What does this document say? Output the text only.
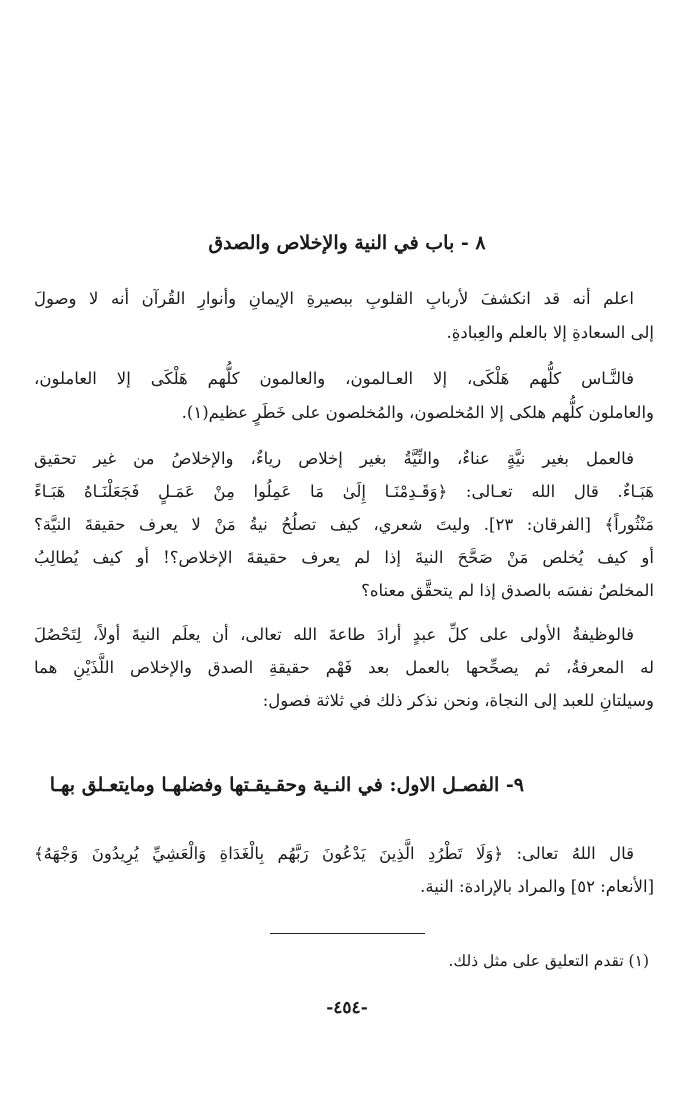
٨ - باب في النية والإخلاص والصدق
اعلم أنه قد انكشفَ لأربابِ القلوبِ ببصيرةِ الإيمانِ وأنوارِ القُرآن أنه لا وصولَ
إلى السعادةِ إلا بالعلم والعِبادةِ.
فالنَّـاس كلُّهم هَلْكَى، إلا العـالمون، والعالمون كلُّهم هَلْكَى إلا العاملون،
والعاملون كلُّهم هلكى إلا المُخلصون، والمُخلصون على خَطَرٍ عظيم(١).
فالعمل بغير نيَّةٍ عناءٌ، والنِّيَّةُ بغير إخلاص رياءٌ، والإخلاصُ من غير تحقيق
هَبَـاءٌ. قال الله تعـالى: ﴿وَقَـدِمْنَـا إِلَىٰ مَا عَمِلُوا مِنْ عَمَـلٍ فَجَعَلْنَـاهُ هَبَـاءً
مَنْثُوراً﴾ [الفرقان: ٢٣]. وليتَ شعري، كيف تصلُحُ نيةُ مَنْ لا يعرف حقيقةَ النيَّة؟
أو كيف يُخلص مَنْ صَحَّحَ النيةَ إذا لم يعرف حقيقةَ الإخلاص؟! أو كيف يُطالِبُ
المخلصُ نفسَه بالصدق إذا لم يتحقَّق معناه؟
فالوظيفةُ الأولى على كلِّ عبدٍ أرادَ طاعةَ الله تعالى، أن يعلَم النيةَ أولاً، لِتَحْصُلَ
له المعرفةُ، ثم يصحِّحها بالعمل بعد فَهْم حقيقةِ الصدق والإخلاص اللَّذَيْنِ هما
وسيلتانِ للعبد إلى النجاة، ونحن نذكر ذلك في ثلاثة فصول:
٩- الفصـل الاول: في النـية وحقـيقـتها وفضلهـا ومايتعـلق بهـا
قال اللهُ تعالى: ﴿وَلَا تَطْرُدِ الَّذِينَ يَدْعُونَ رَبَّهُم بِالْغَدَاةِ وَالْعَشِيِّ يُرِيدُونَ وَجْهَهُ﴾
[الأنعام: ٥٢] والمراد بالإرادة: النية.
(١) تقدم التعليق على مثل ذلك.
-٤٥٤-
